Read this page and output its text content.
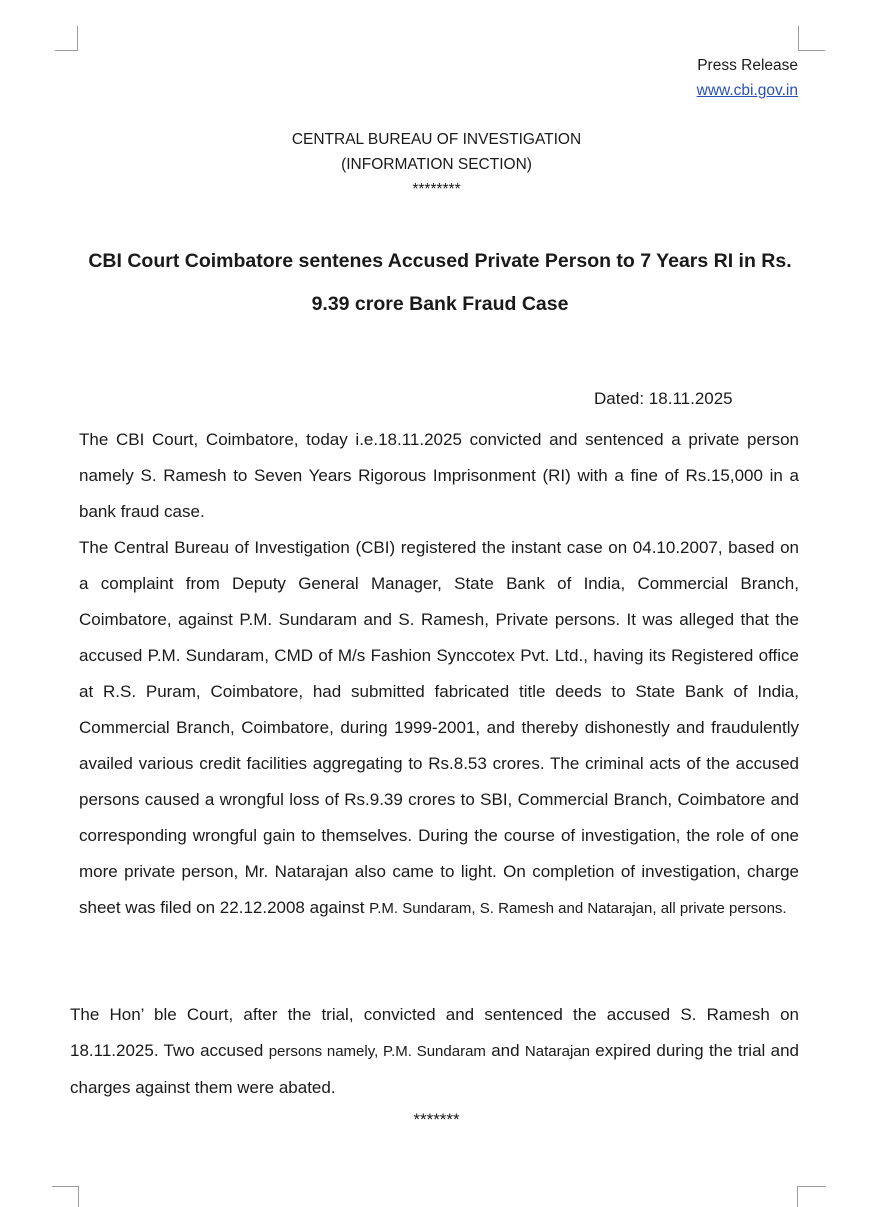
Press Release
www.cbi.gov.in
CENTRAL BUREAU OF INVESTIGATION
(INFORMATION SECTION)
********
CBI Court Coimbatore sentenes Accused Private Person to 7 Years RI in Rs.
9.39 crore Bank Fraud Case
Dated: 18.11.2025

The CBI Court, Coimbatore, today i.e.18.11.2025 convicted and sentenced a private person namely S. Ramesh to Seven Years Rigorous Imprisonment (RI) with a fine of Rs.15,000 in a bank fraud case.

The Central Bureau of Investigation (CBI) registered the instant case on 04.10.2007, based on a complaint from Deputy General Manager, State Bank of India, Commercial Branch, Coimbatore, against P.M. Sundaram and S. Ramesh, Private persons. It was alleged that the accused P.M. Sundaram, CMD of M/s Fashion Synccotex Pvt. Ltd., having its Registered office at R.S. Puram, Coimbatore, had submitted fabricated title deeds to State Bank of India, Commercial Branch, Coimbatore, during 1999-2001, and thereby dishonestly and fraudulently availed various credit facilities aggregating to Rs.8.53 crores. The criminal acts of the accused persons caused a wrongful loss of Rs.9.39 crores to SBI, Commercial Branch, Coimbatore and corresponding wrongful gain to themselves. During the course of investigation, the role of one more private person, Mr. Natarajan also came to light. On completion of investigation, charge sheet was filed on 22.12.2008 against P.M. Sundaram, S. Ramesh and Natarajan, all private persons.

The Hon’ ble Court, after the trial, convicted and sentenced the accused S. Ramesh on 18.11.2025. Two accused persons namely, P.M. Sundaram and Natarajan expired during the trial and charges against them were abated.

*******
